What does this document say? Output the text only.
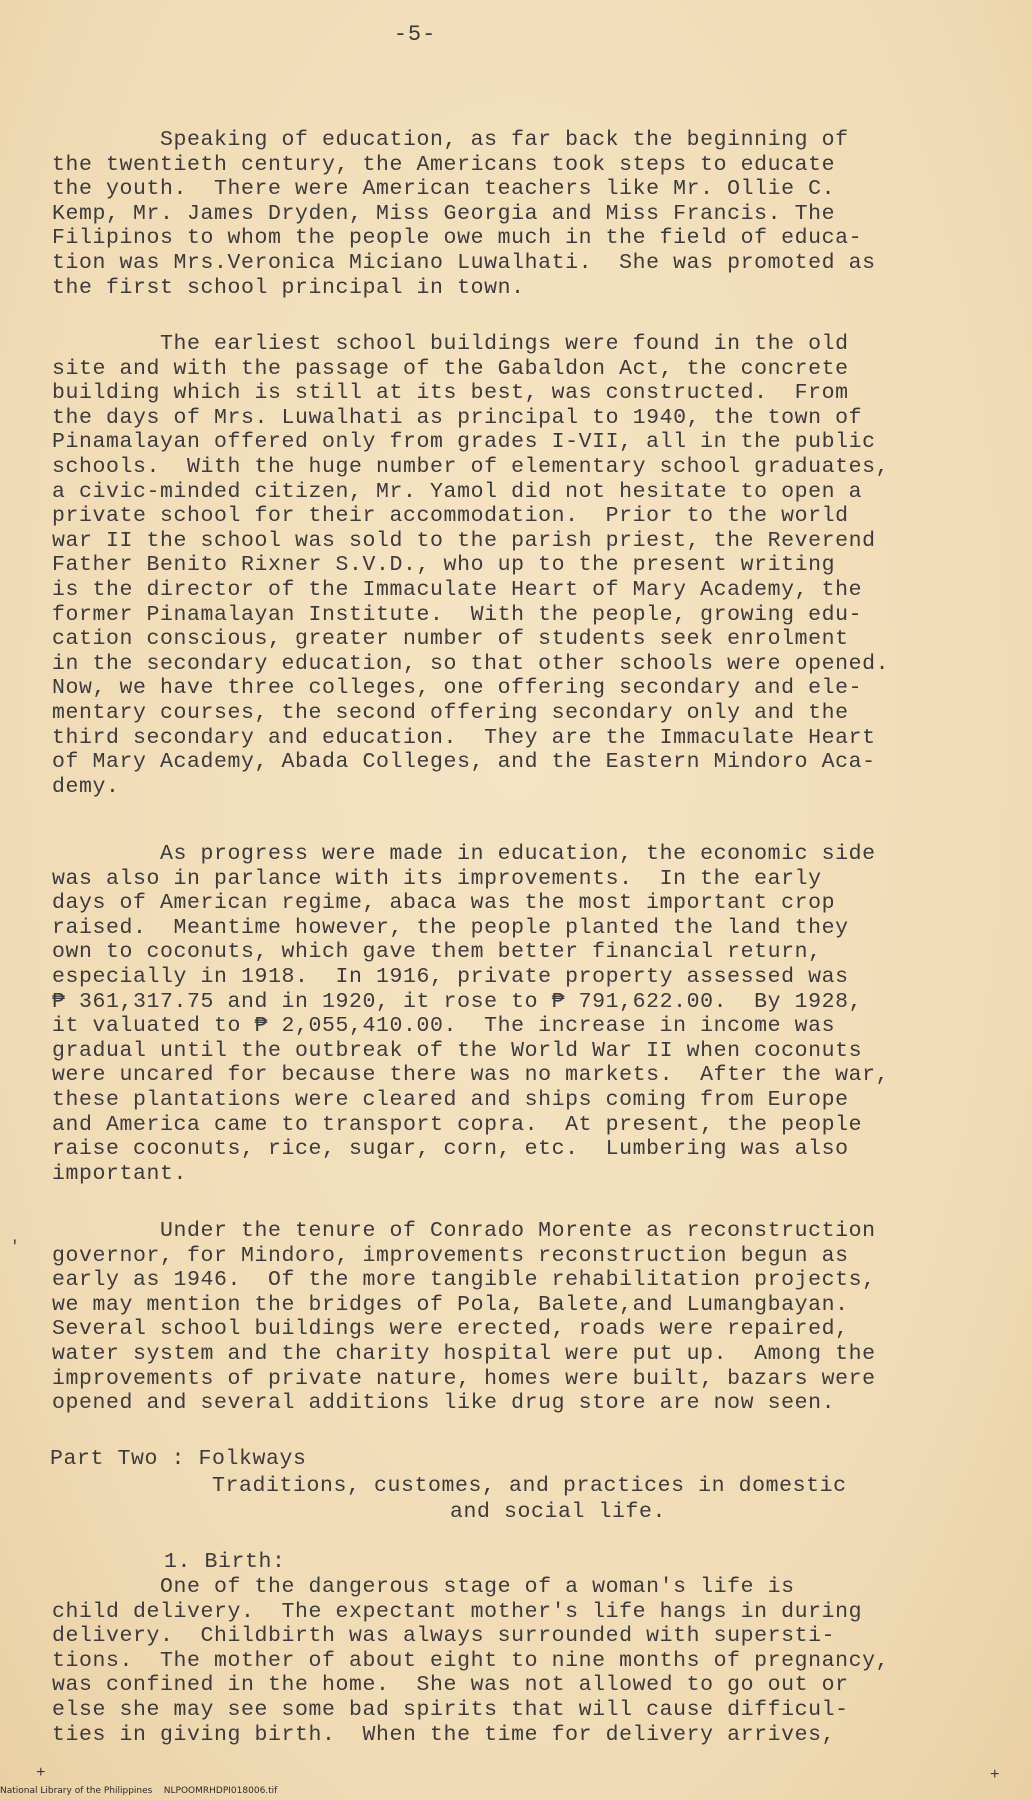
-5-
Speaking of education, as far back the beginning of
the twentieth century, the Americans took steps to educate
the youth.  There were American teachers like Mr. Ollie C.
Kemp, Mr. James Dryden, Miss Georgia and Miss Francis. The
Filipinos to whom the people owe much in the field of educa-
tion was Mrs.Veronica Miciano Luwalhati.  She was promoted as
the first school principal in town.
The earliest school buildings were found in the old
site and with the passage of the Gabaldon Act, the concrete
building which is still at its best, was constructed.  From
the days of Mrs. Luwalhati as principal to 1940, the town of
Pinamalayan offered only from grades I-VII, all in the public
schools.  With the huge number of elementary school graduates,
a civic-minded citizen, Mr. Yamol did not hesitate to open a
private school for their accommodation.  Prior to the world
war II the school was sold to the parish priest, the Reverend
Father Benito Rixner S.V.D., who up to the present writing
is the director of the Immaculate Heart of Mary Academy, the
former Pinamalayan Institute.  With the people, growing edu-
cation conscious, greater number of students seek enrolment
in the secondary education, so that other schools were opened.
Now, we have three colleges, one offering secondary and ele-
mentary courses, the second offering secondary only and the
third secondary and education.  They are the Immaculate Heart
of Mary Academy, Abada Colleges, and the Eastern Mindoro Aca-
demy.
As progress were made in education, the economic side
was also in parlance with its improvements.  In the early
days of American regime, abaca was the most important crop
raised.  Meantime however, the people planted the land they
own to coconuts, which gave them better financial return,
especially in 1918.  In 1916, private property assessed was
₱ 361,317.75 and in 1920, it rose to ₱ 791,622.00.  By 1928,
it valuated to ₱ 2,055,410.00.  The increase in income was
gradual until the outbreak of the World War II when coconuts
were uncared for because there was no markets.  After the war,
these plantations were cleared and ships coming from Europe
and America came to transport copra.  At present, the people
raise coconuts, rice, sugar, corn, etc.  Lumbering was also
important.
Under the tenure of Conrado Morente as reconstruction
governor, for Mindoro, improvements reconstruction begun as
early as 1946.  Of the more tangible rehabilitation projects,
we may mention the bridges of Pola, Balete,and Lumangbayan.
Several school buildings were erected, roads were repaired,
water system and the charity hospital were put up.  Among the
improvements of private nature, homes were built, bazars were
opened and several additions like drug store are now seen.
Part Two : Folkways
Traditions, customes, and practices in domestic
and social life.
1. Birth:
One of the dangerous stage of a woman's life is
child delivery.  The expectant mother's life hangs in during
delivery.  Childbirth was always surrounded with supersti-
tions.  The mother of about eight to nine months of pregnancy,
was confined in the home.  She was not allowed to go out or
else she may see some bad spirits that will cause difficul-
ties in giving birth.  When the time for delivery arrives,
'
+	+
National Library of the Philippines    NLPOOMRHDPI018006.tif
